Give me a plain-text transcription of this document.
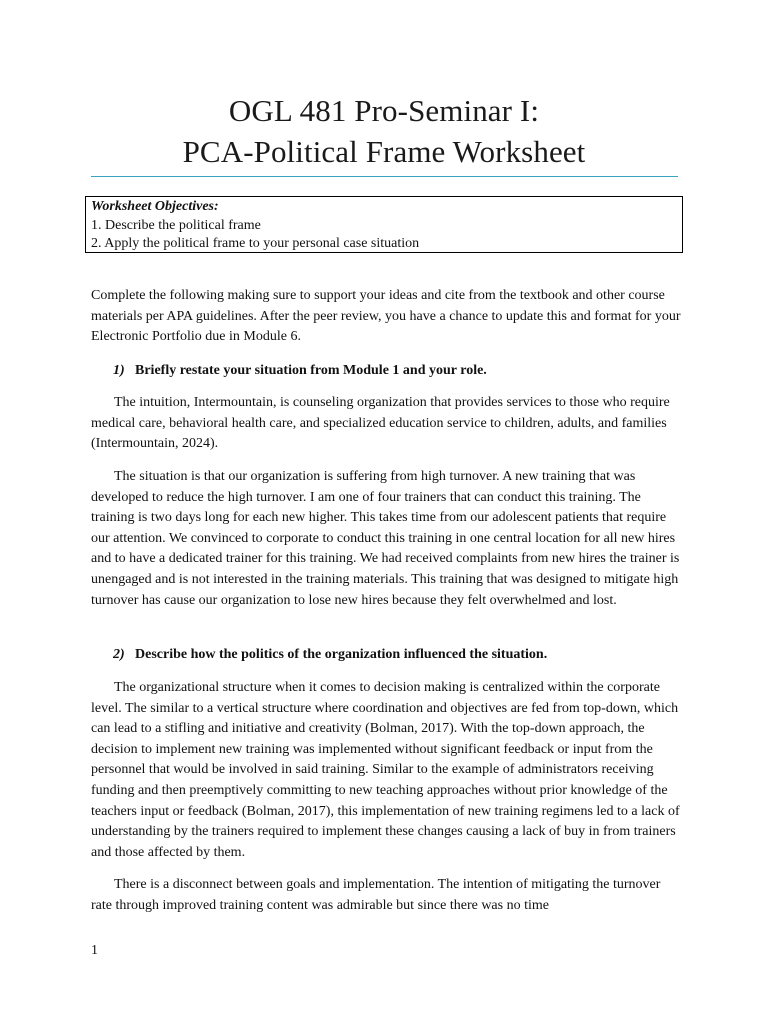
OGL 481 Pro-Seminar I:
PCA-Political Frame Worksheet
Worksheet Objectives:
1. Describe the political frame
2. Apply the political frame to your personal case situation

Complete the following making sure to support your ideas and cite from the textbook and other course materials per APA guidelines. After the peer review, you have a chance to update this and format for your Electronic Portfolio due in Module 6.

1) Briefly restate your situation from Module 1 and your role.

The intuition, Intermountain, is counseling organization that provides services to those who require medical care, behavioral health care, and specialized education service to children, adults, and families (Intermountain, 2024).

The situation is that our organization is suffering from high turnover. A new training that was developed to reduce the high turnover. I am one of four trainers that can conduct this training. The training is two days long for each new higher. This takes time from our adolescent patients that require our attention. We convinced to corporate to conduct this training in one central location for all new hires and to have a dedicated trainer for this training. We had received complaints from new hires the trainer is unengaged and is not interested in the training materials. This training that was designed to mitigate high turnover has cause our organization to lose new hires because they felt overwhelmed and lost.

2) Describe how the politics of the organization influenced the situation.

The organizational structure when it comes to decision making is centralized within the corporate level. The similar to a vertical structure where coordination and objectives are fed from top-down, which can lead to a stifling and initiative and creativity (Bolman, 2017). With the top-down approach, the decision to implement new training was implemented without significant feedback or input from the personnel that would be involved in said training. Similar to the example of administrators receiving funding and then preemptively committing to new teaching approaches without prior knowledge of the teachers input or feedback (Bolman, 2017), this implementation of new training regimens led to a lack of understanding by the trainers required to implement these changes causing a lack of buy in from trainers and those affected by them.

There is a disconnect between goals and implementation. The intention of mitigating the turnover rate through improved training content was admirable but since there was no time

1
